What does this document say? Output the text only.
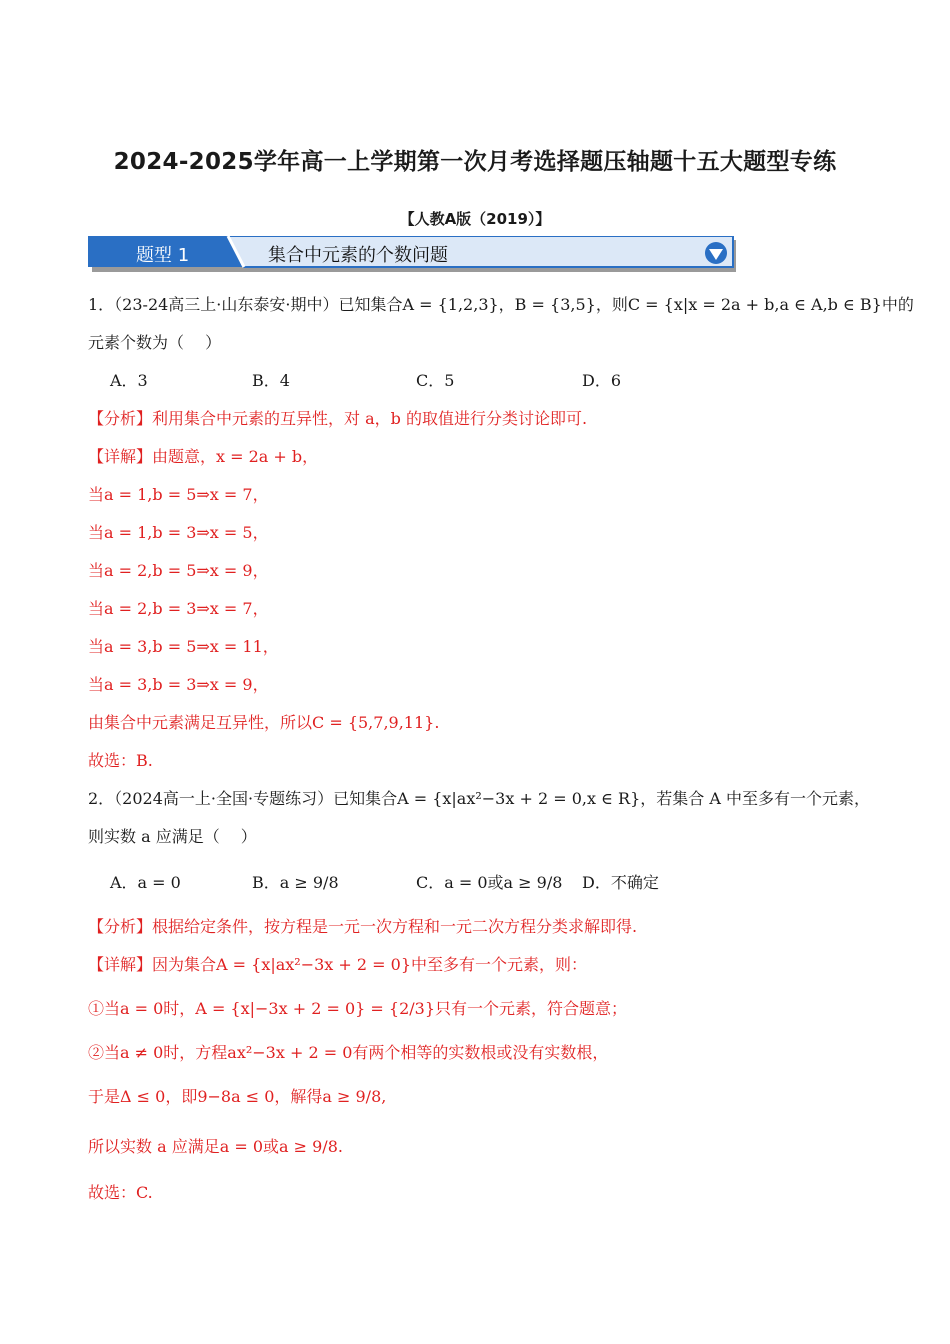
2024-2025学年高一上学期第一次月考选择题压轴题十五大题型专练
【人教A版（2019）】
题型 1	集合中元素的个数问题
1．（23-24高三上·山东泰安·期中）已知集合A = {1,2,3}，B = {3,5}，则C = {x|x = 2a + b,a ∈ A,b ∈ B}中的
元素个数为（　 ）
A．3	B．4	C．5	D．6
【分析】利用集合中元素的互异性，对 a，b 的取值进行分类讨论即可.
【详解】由题意，x = 2a + b，
当a = 1,b = 5⇒x = 7，
当a = 1,b = 3⇒x = 5，
当a = 2,b = 5⇒x = 9，
当a = 2,b = 3⇒x = 7，
当a = 3,b = 5⇒x = 11，
当a = 3,b = 3⇒x = 9，
由集合中元素满足互异性，所以C = {5,7,9,11}.
故选：B.
2．（2024高一上·全国·专题练习）已知集合A = {x|ax²−3x + 2 = 0,x ∈ R}，若集合 A 中至多有一个元素，
则实数 a 应满足（　 ）
A．a = 0	B．a ≥ 9/8	C．a = 0或a ≥ 9/8 D．不确定
【分析】根据给定条件，按方程是一元一次方程和一元二次方程分类求解即得.
【详解】因为集合A = {x|ax²−3x + 2 = 0}中至多有一个元素，则：
①当a = 0时，A = {x|−3x + 2 = 0} = {2/3}只有一个元素，符合题意；
②当a ≠ 0时，方程ax²−3x + 2 = 0有两个相等的实数根或没有实数根，
于是Δ ≤ 0，即9−8a ≤ 0，解得a ≥ 9/8,
所以实数 a 应满足a = 0或a ≥ 9/8.
故选：C.
